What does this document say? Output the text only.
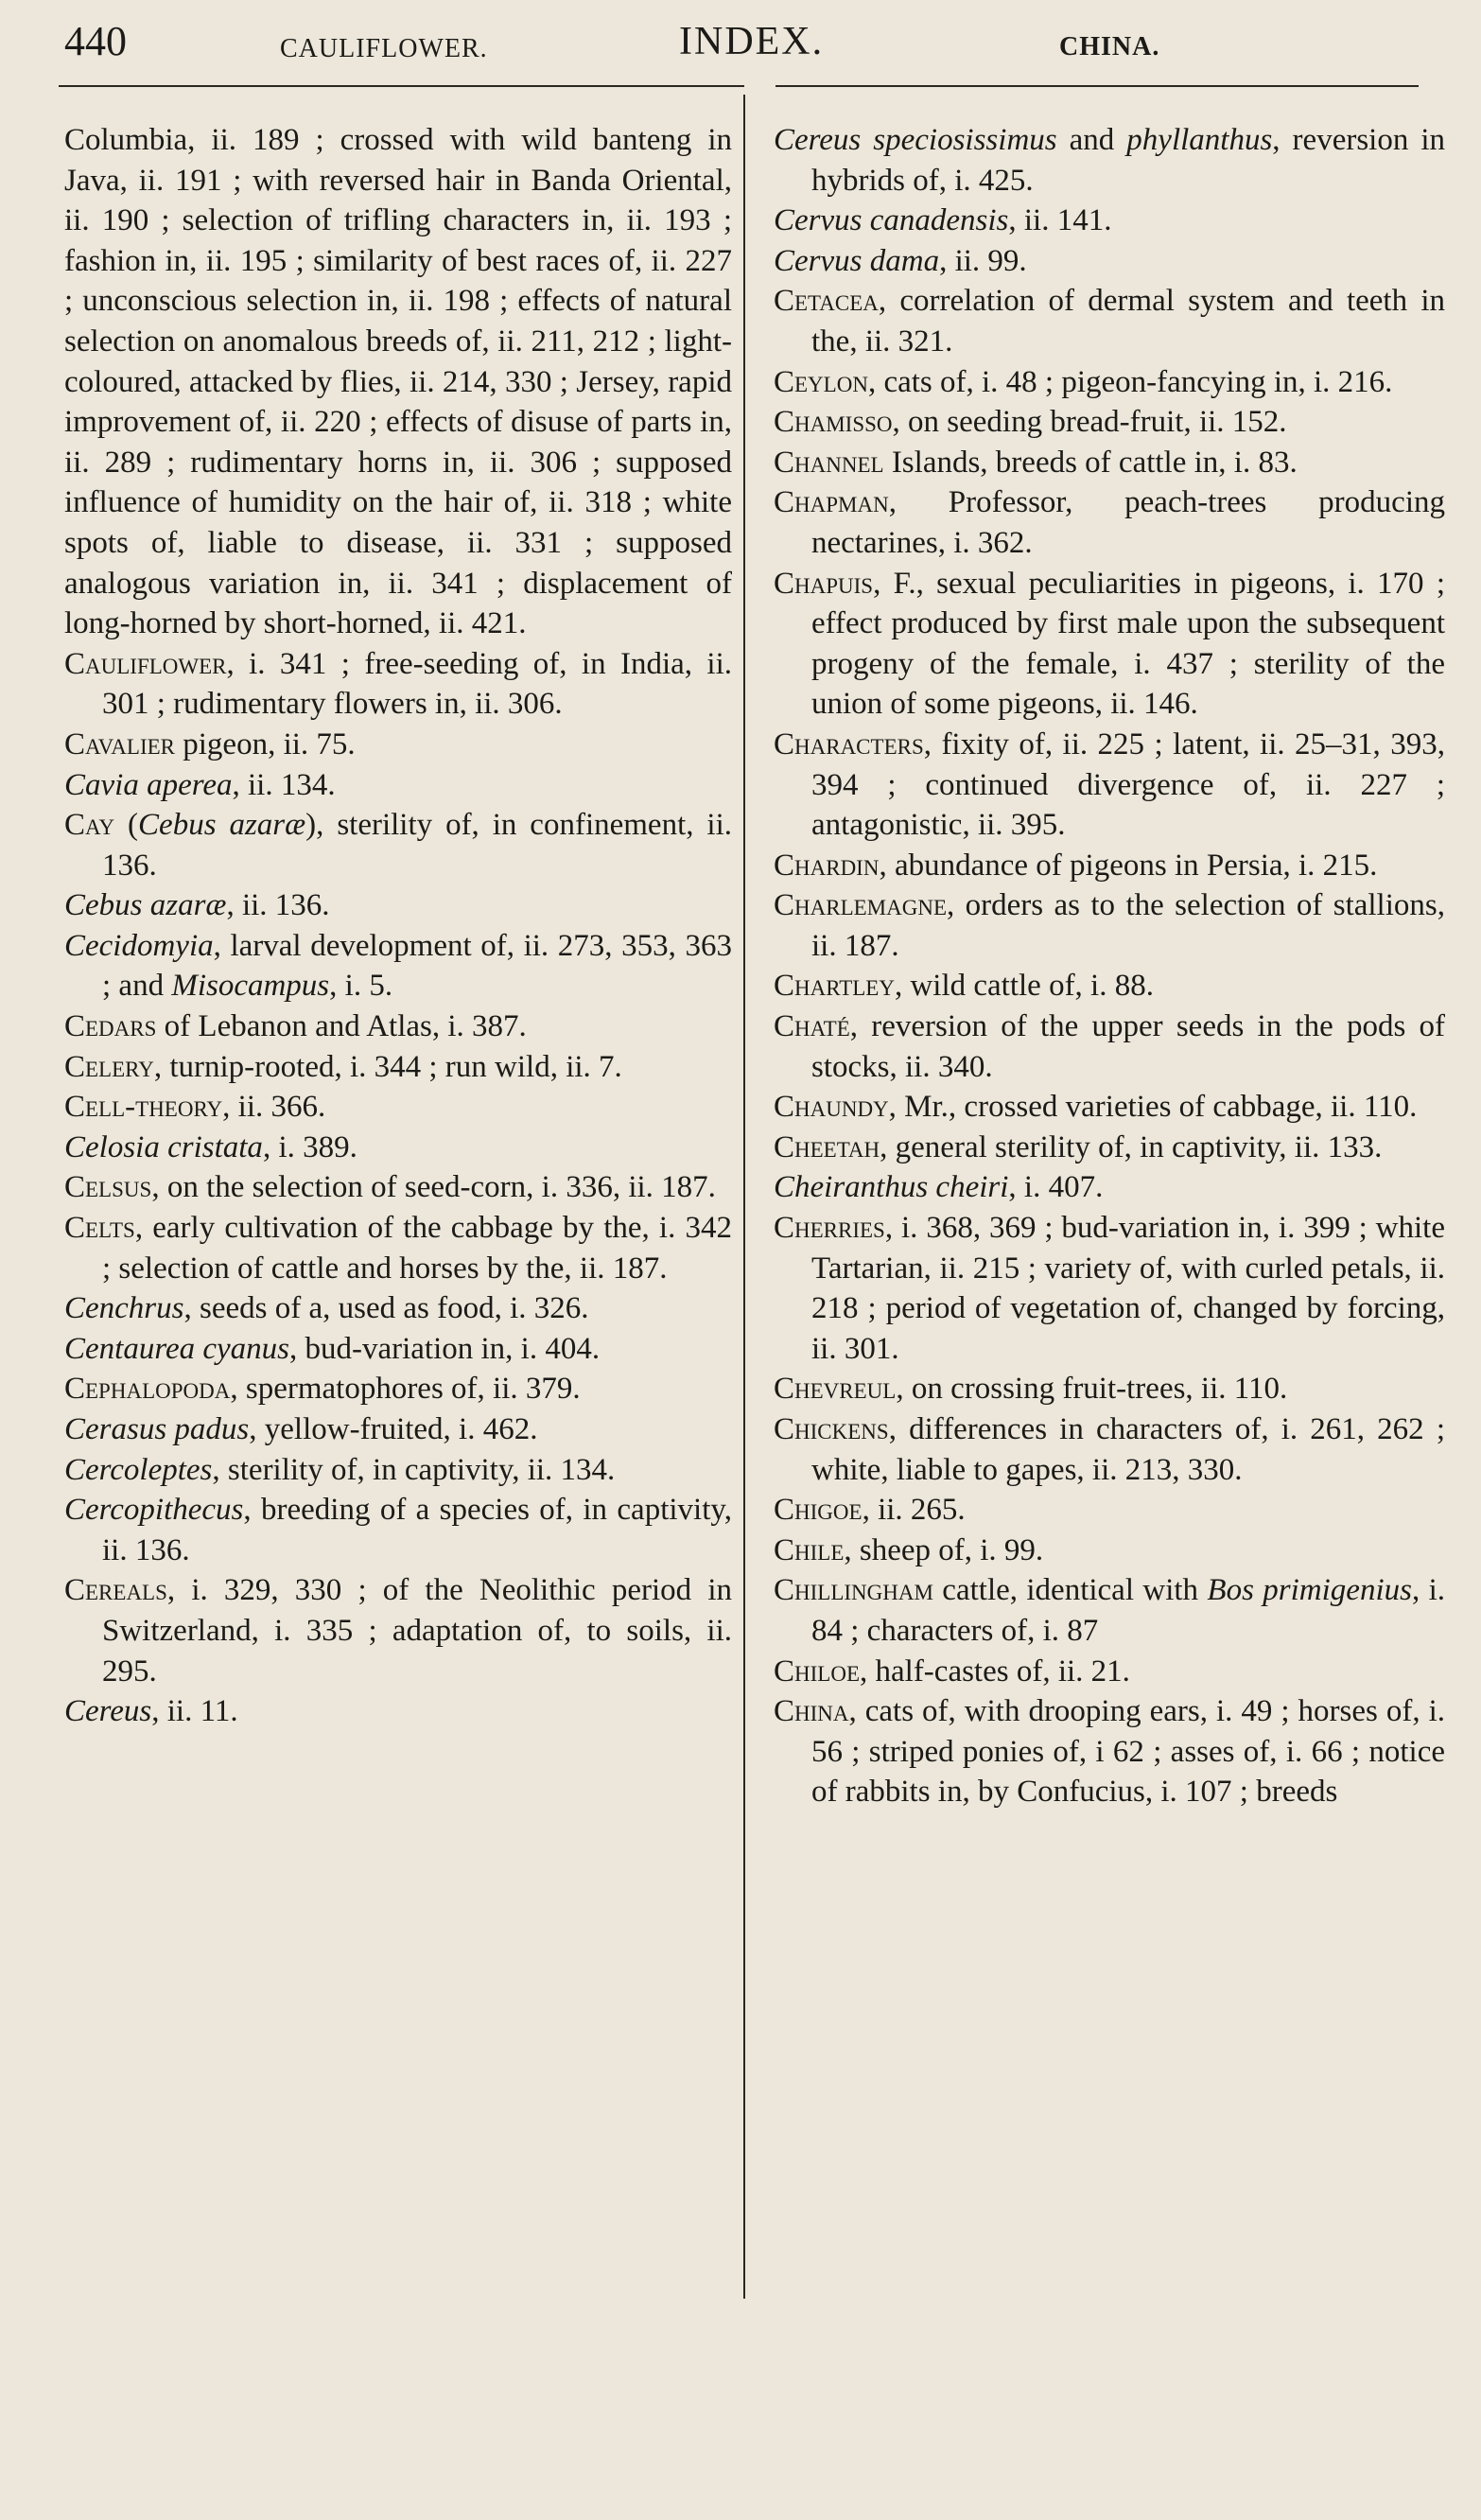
440	CAULIFLOWER.	INDEX.	CHINA.

Columbia, ii. 189 ; crossed with wild banteng in Java, ii. 191 ; with reversed hair in Banda Oriental, ii. 190 ; selection of trifling characters in, ii. 193 ; fashion in, ii. 195 ; similarity of best races of, ii. 227 ; unconscious selection in, ii. 198 ; effects of natural selection on anomalous breeds of, ii. 211, 212 ; light-coloured, attacked by flies, ii. 214, 330 ; Jersey, rapid improvement of, ii. 220 ; effects of disuse of parts in, ii. 289 ; rudimentary horns in, ii. 306 ; supposed influence of humidity on the hair of, ii. 318 ; white spots of, liable to disease, ii. 331 ; supposed analogous variation in, ii. 341 ; displacement of long-horned by short-horned, ii. 421.

Cauliflower, i. 341 ; free-seeding of, in India, ii. 301 ; rudimentary flowers in, ii. 306.

Cavalier pigeon, ii. 75.

Cavia aperea, ii. 134.

Cay (Cebus azaræ), sterility of, in confinement, ii. 136.

Cebus azaræ, ii. 136.

Cecidomyia, larval development of, ii. 273, 353, 363 ; and Misocampus, i. 5.

Cedars of Lebanon and Atlas, i. 387.

Celery, turnip-rooted, i. 344 ; run wild, ii. 7.

Cell-theory, ii. 366.

Celosia cristata, i. 389.

Celsus, on the selection of seed-corn, i. 336, ii. 187.

Celts, early cultivation of the cabbage by the, i. 342 ; selection of cattle and horses by the, ii. 187.

Cenchrus, seeds of a, used as food, i. 326.

Centaurea cyanus, bud-variation in, i. 404.

Cephalopoda, spermatophores of, ii. 379.

Cerasus padus, yellow-fruited, i. 462.

Cercoleptes, sterility of, in captivity, ii. 134.

Cercopithecus, breeding of a species of, in captivity, ii. 136.

Cereals, i. 329, 330 ; of the Neolithic period in Switzerland, i. 335 ; adaptation of, to soils, ii. 295.

Cereus, ii. 11.

Cereus speciosissimus and phyllanthus, reversion in hybrids of, i. 425.

Cervus canadensis, ii. 141.

Cervus dama, ii. 99.

Cetacea, correlation of dermal system and teeth in the, ii. 321.

Ceylon, cats of, i. 48 ; pigeon-fancying in, i. 216.

Chamisso, on seeding bread-fruit, ii. 152.

Channel Islands, breeds of cattle in, i. 83.

Chapman, Professor, peach-trees producing nectarines, i. 362.

Chapuis, F., sexual peculiarities in pigeons, i. 170 ; effect produced by first male upon the subsequent progeny of the female, i. 437 ; sterility of the union of some pigeons, ii. 146.

Characters, fixity of, ii. 225 ; latent, ii. 25–31, 393, 394 ; continued divergence of, ii. 227 ; antagonistic, ii. 395.

Chardin, abundance of pigeons in Persia, i. 215.

Charlemagne, orders as to the selection of stallions, ii. 187.

Chartley, wild cattle of, i. 88.

Chaté, reversion of the upper seeds in the pods of stocks, ii. 340.

Chaundy, Mr., crossed varieties of cabbage, ii. 110.

Cheetah, general sterility of, in captivity, ii. 133.

Cheiranthus cheiri, i. 407.

Cherries, i. 368, 369 ; bud-variation in, i. 399 ; white Tartarian, ii. 215 ; variety of, with curled petals, ii. 218 ; period of vegetation of, changed by forcing, ii. 301.

Chevreul, on crossing fruit-trees, ii. 110.

Chickens, differences in characters of, i. 261, 262 ; white, liable to gapes, ii. 213, 330.

Chigoe, ii. 265.

Chile, sheep of, i. 99.

Chillingham cattle, identical with Bos primigenius, i. 84 ; characters of, i. 87

Chiloe, half-castes of, ii. 21.

China, cats of, with drooping ears, i. 49 ; horses of, i. 56 ; striped ponies of, i 62 ; asses of, i. 66 ; notice of rabbits in, by Confucius, i. 107 ; breeds
